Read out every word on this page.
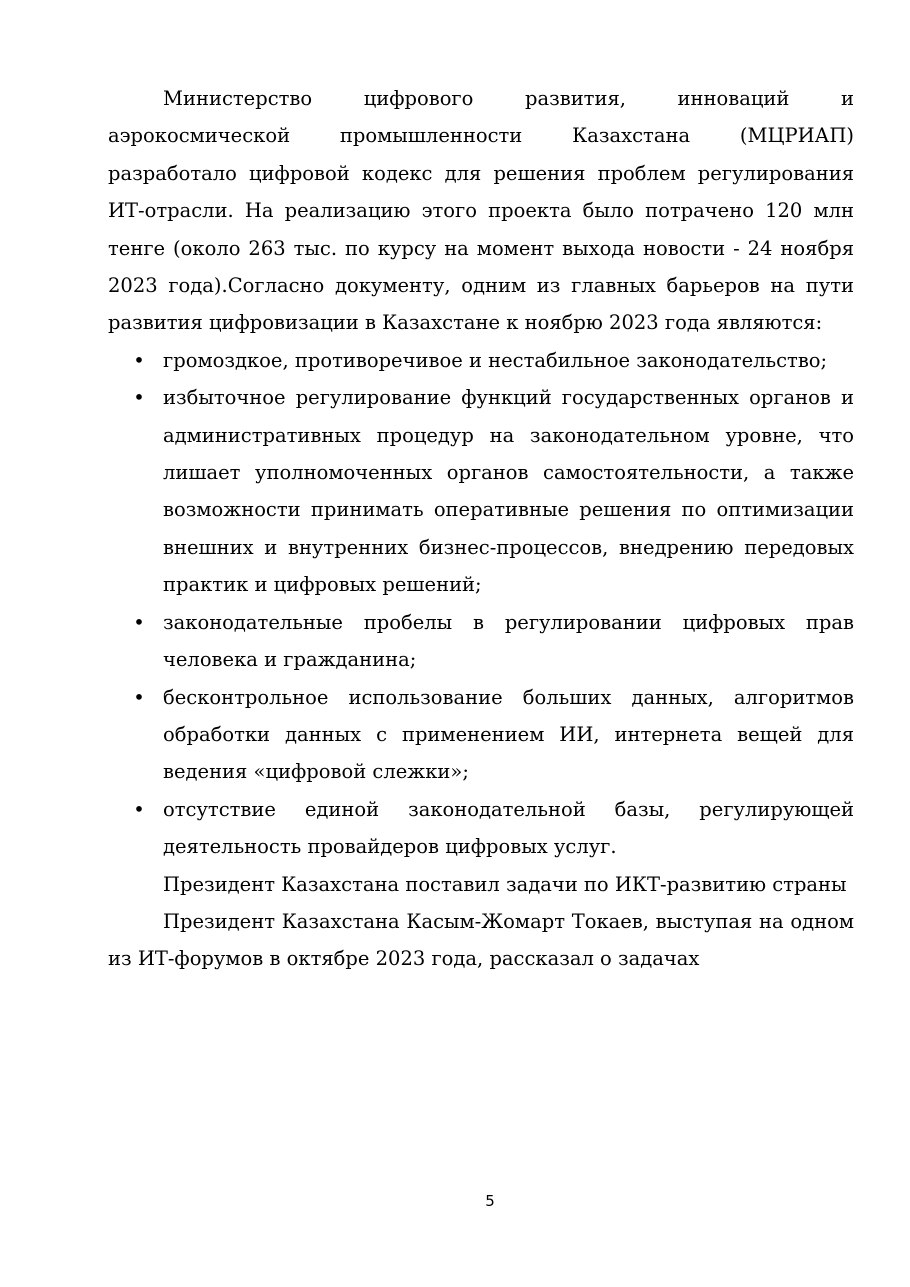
Министерство цифрового развития, инноваций и аэрокосмической промышленности Казахстана (МЦРИАП) разработало цифровой кодекс для решения проблем регулирования ИТ-отрасли. На реализацию этого проекта было потрачено 120 млн тенге (около 263 тыс. по курсу на момент выхода новости - 24 ноября 2023 года).Согласно документу, одним из главных барьеров на пути развития цифровизации в Казахстане к ноябрю 2023 года являются:

• громоздкое, противоречивое и нестабильное законодательство;
• избыточное регулирование функций государственных органов и административных процедур на законодательном уровне, что лишает уполномоченных органов самостоятельности, а также возможности принимать оперативные решения по оптимизации внешних и внутренних бизнес-процессов, внедрению передовых практик и цифровых решений;
• законодательные пробелы в регулировании цифровых прав человека и гражданина;
• бесконтрольное использование больших данных, алгоритмов обработки данных с применением ИИ, интернета вещей для ведения «цифровой слежки»;
• отсутствие единой законодательной базы, регулирующей деятельность провайдеров цифровых услуг.

Президент Казахстана поставил задачи по ИКТ-развитию страны

Президент Казахстана Касым-Жомарт Токаев, выступая на одном из ИТ-форумов в октябре 2023 года, рассказал о задачах

5
